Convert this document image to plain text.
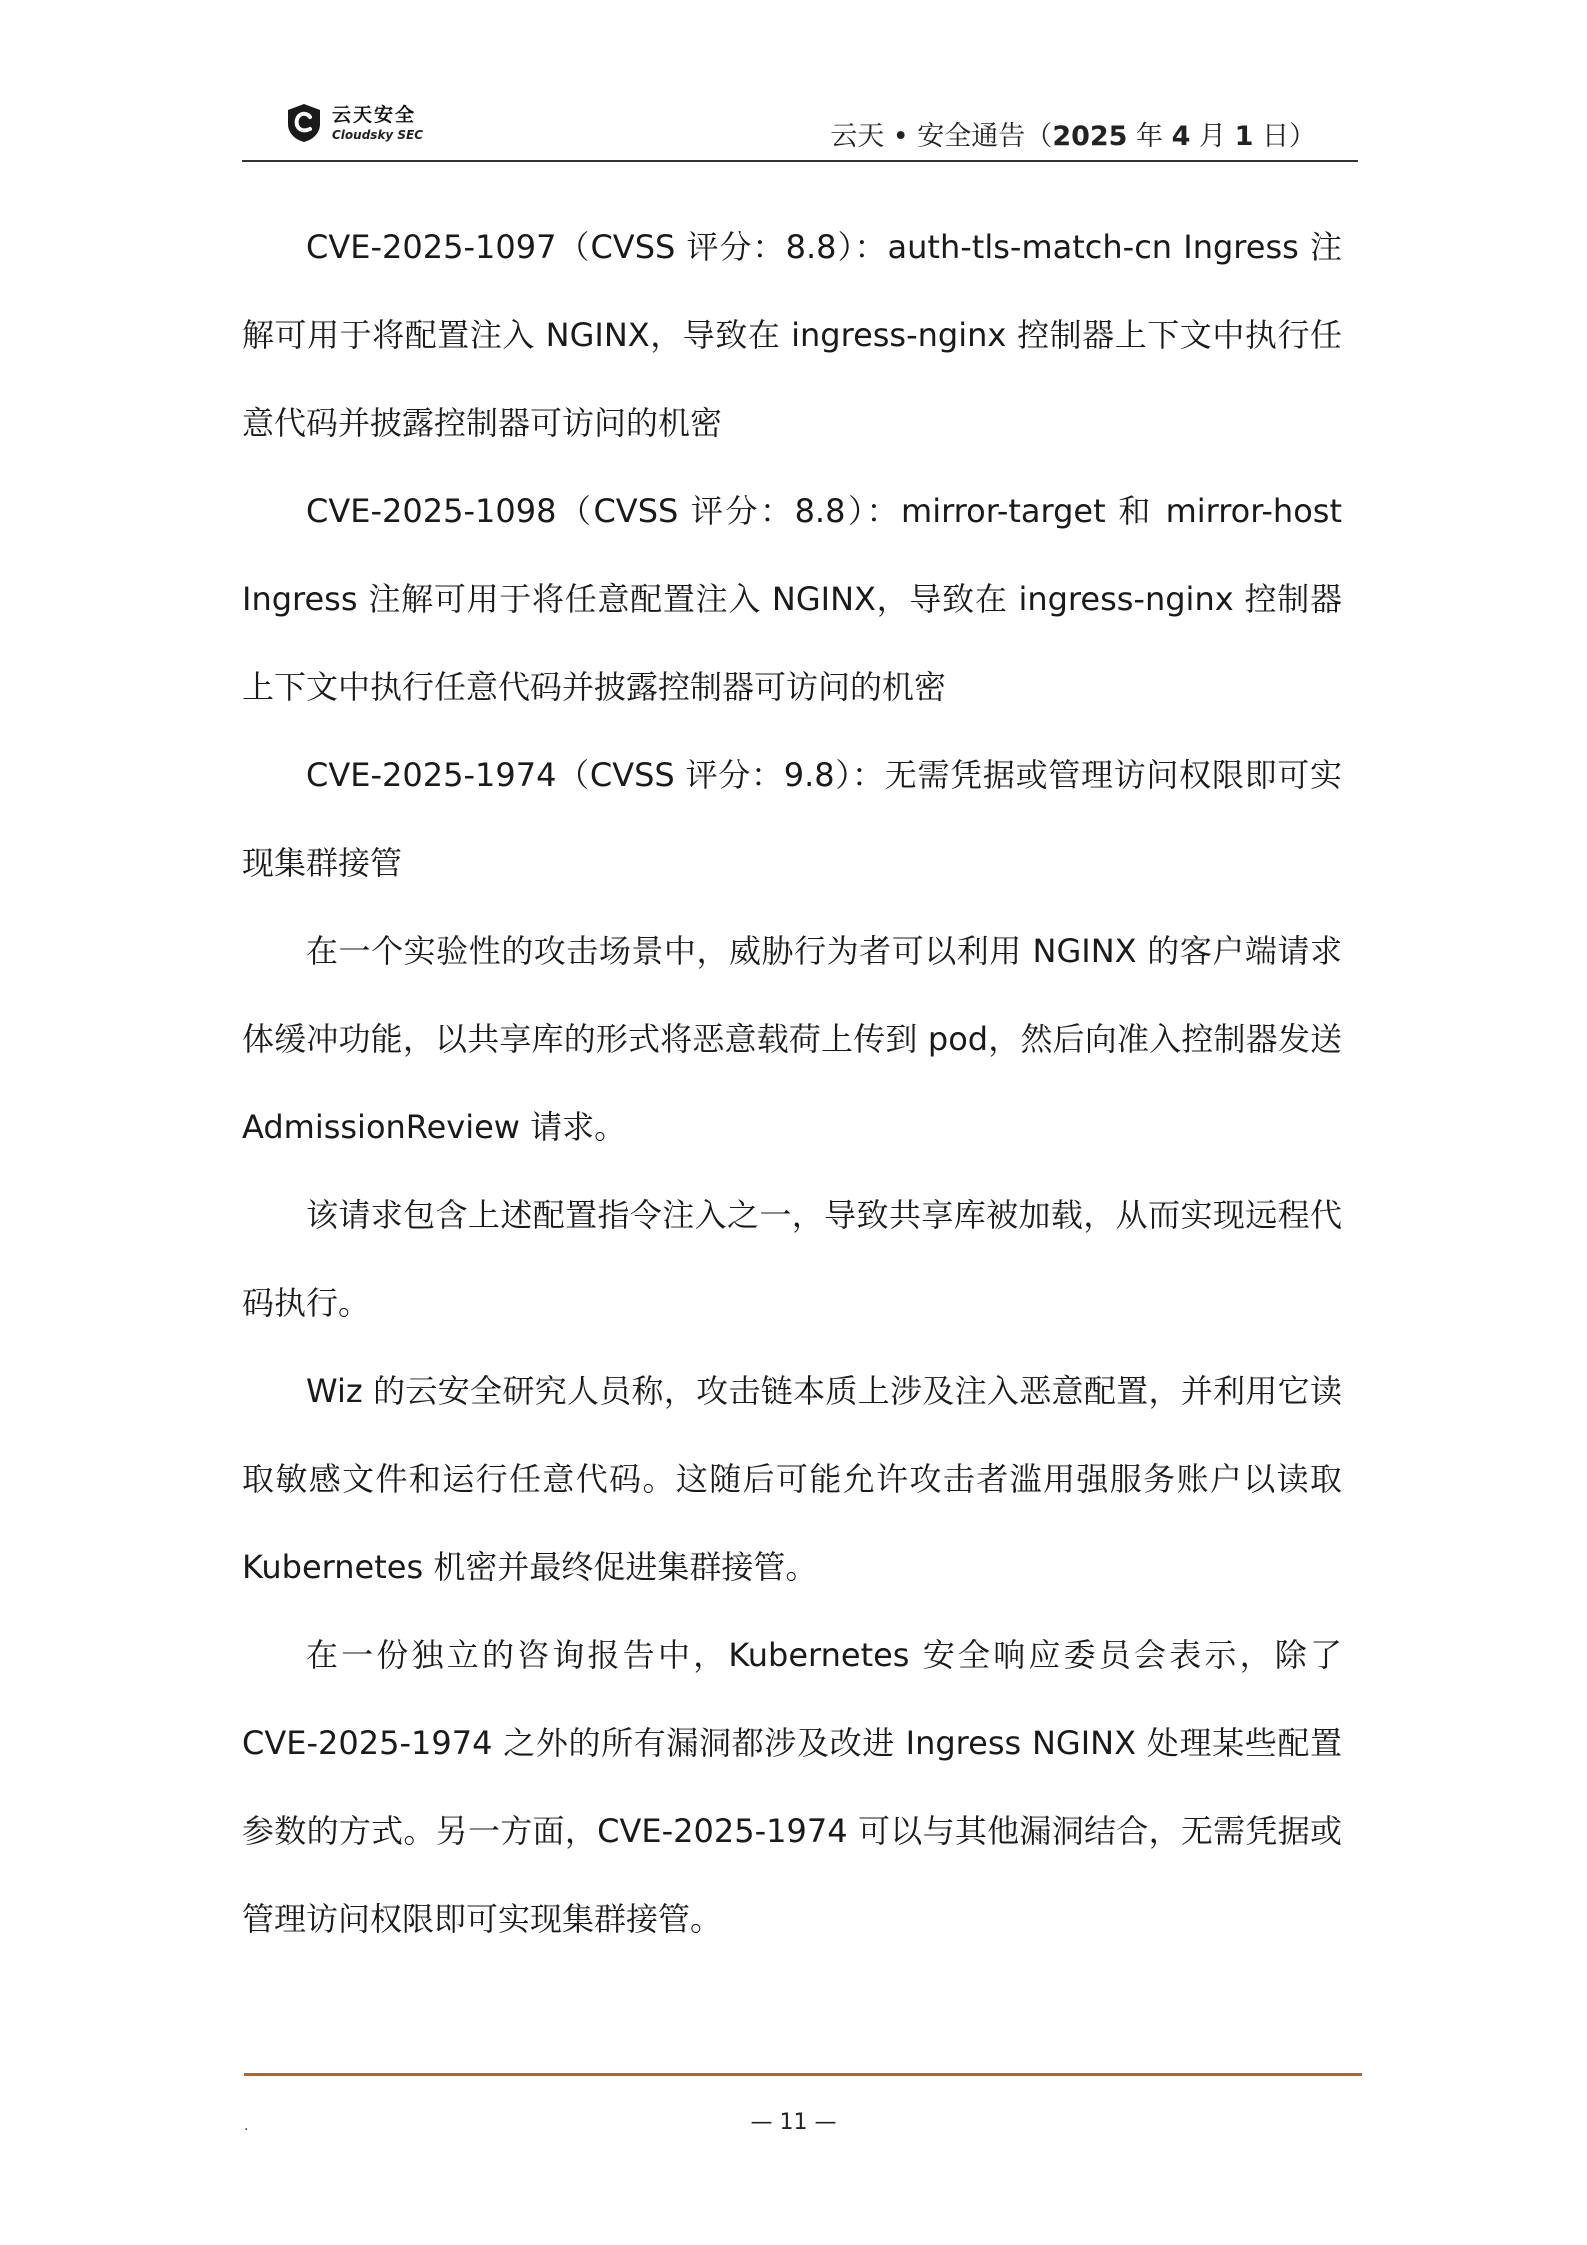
云天安全
Cloudsky SEC	云天 • 安全通告（2025 年 4 月 1 日）

CVE-2025-1097（CVSS 评分：8.8）：auth-tls-match-cn Ingress 注解可用于将配置注入 NGINX，导致在 ingress-nginx 控制器上下文中执行任意代码并披露控制器可访问的机密

CVE-2025-1098（CVSS 评分：8.8）：mirror-target 和 mirror-host Ingress 注解可用于将任意配置注入 NGINX，导致在 ingress-nginx 控制器上下文中执行任意代码并披露控制器可访问的机密

CVE-2025-1974（CVSS 评分：9.8）：无需凭据或管理访问权限即可实现集群接管

在一个实验性的攻击场景中，威胁行为者可以利用 NGINX 的客户端请求体缓冲功能，以共享库的形式将恶意载荷上传到 pod，然后向准入控制器发送 AdmissionReview 请求。

该请求包含上述配置指令注入之一，导致共享库被加载，从而实现远程代码执行。

Wiz 的云安全研究人员称，攻击链本质上涉及注入恶意配置，并利用它读取敏感文件和运行任意代码。这随后可能允许攻击者滥用强服务账户以读取 Kubernetes 机密并最终促进集群接管。

在一份独立的咨询报告中，Kubernetes 安全响应委员会表示，除了 CVE-2025-1974 之外的所有漏洞都涉及改进 Ingress NGINX 处理某些配置参数的方式。另一方面，CVE-2025-1974 可以与其他漏洞结合，无需凭据或管理访问权限即可实现集群接管。

.	— 11 —
